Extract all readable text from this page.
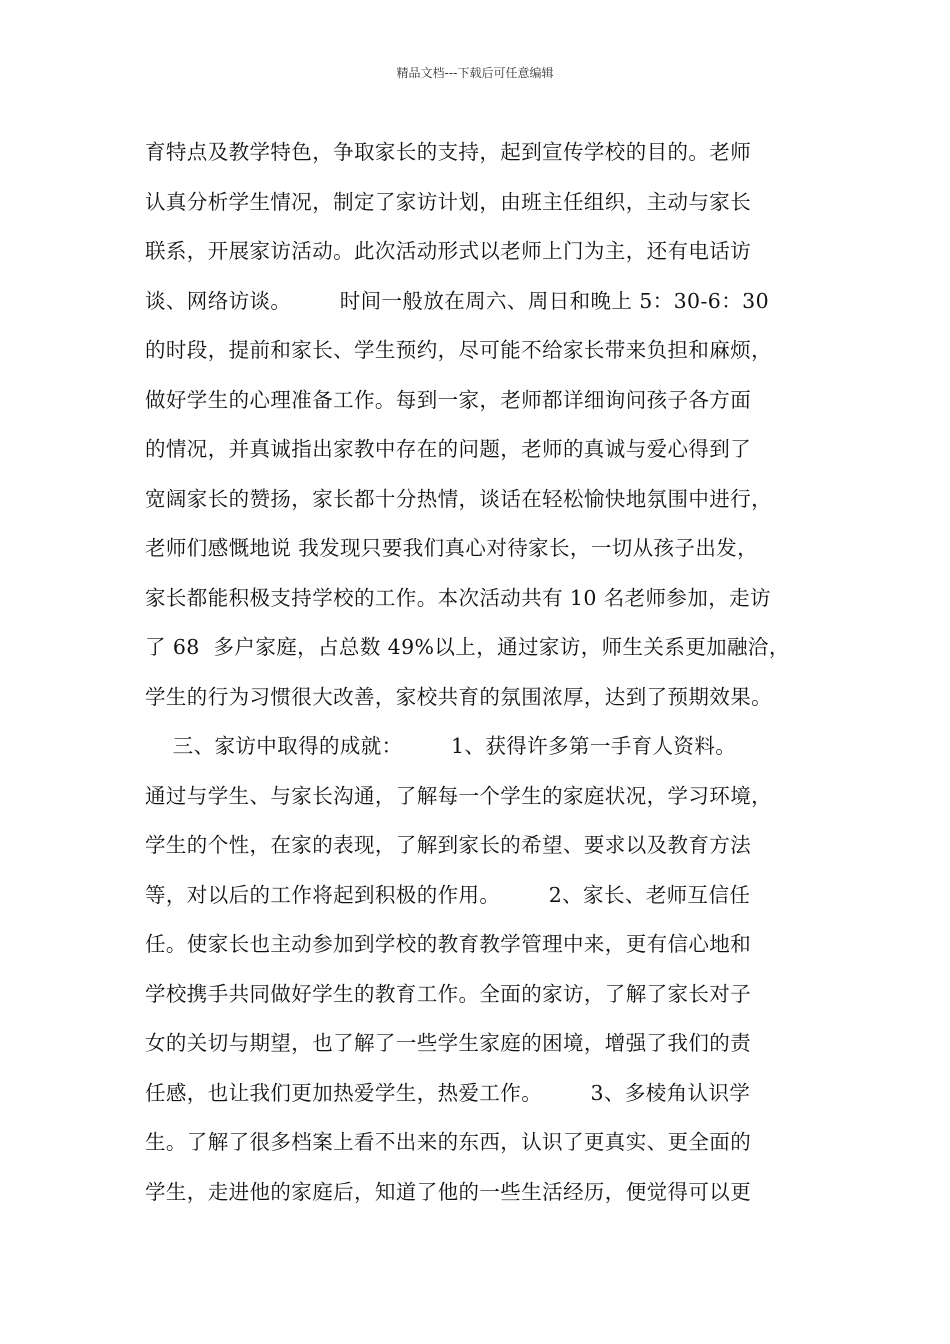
精品文档---下载后可任意编辑
育特点及教学特色，争取家长的支持，起到宣传学校的目的。老师
认真分析学生情况，制定了家访计划，由班主任组织，主动与家长
联系，开展家访活动。此次活动形式以老师上门为主，还有电话访
谈、网络访谈。       时间一般放在周六、周日和晚上 5：30-6：30
的时段，提前和家长、学生预约，尽可能不给家长带来负担和麻烦，
做好学生的心理准备工作。每到一家，老师都详细询问孩子各方面
的情况，并真诚指出家教中存在的问题，老师的真诚与爱心得到了
宽阔家长的赞扬，家长都十分热情，谈话在轻松愉快地氛围中进行，
老师们感慨地说 我发现只要我们真心对待家长，一切从孩子出发，
家长都能积极支持学校的工作。本次活动共有 10 名老师参加，走访
了 68  多户家庭，占总数 49%以上，通过家访，师生关系更加融洽，
学生的行为习惯很大改善，家校共育的氛围浓厚，达到了预期效果。
三、家访中取得的成就：       1、获得许多第一手育人资料。
通过与学生、与家长沟通，了解每一个学生的家庭状况，学习环境，
学生的个性，在家的表现，了解到家长的希望、要求以及教育方法
等，对以后的工作将起到积极的作用。       2、家长、老师互信任
任。使家长也主动参加到学校的教育教学管理中来，更有信心地和
学校携手共同做好学生的教育工作。全面的家访，了解了家长对子
女的关切与期望，也了解了一些学生家庭的困境，增强了我们的责
任感，也让我们更加热爱学生，热爱工作。       3、多棱角认识学
生。了解了很多档案上看不出来的东西，认识了更真实、更全面的
学生，走进他的家庭后，知道了他的一些生活经历，便觉得可以更
